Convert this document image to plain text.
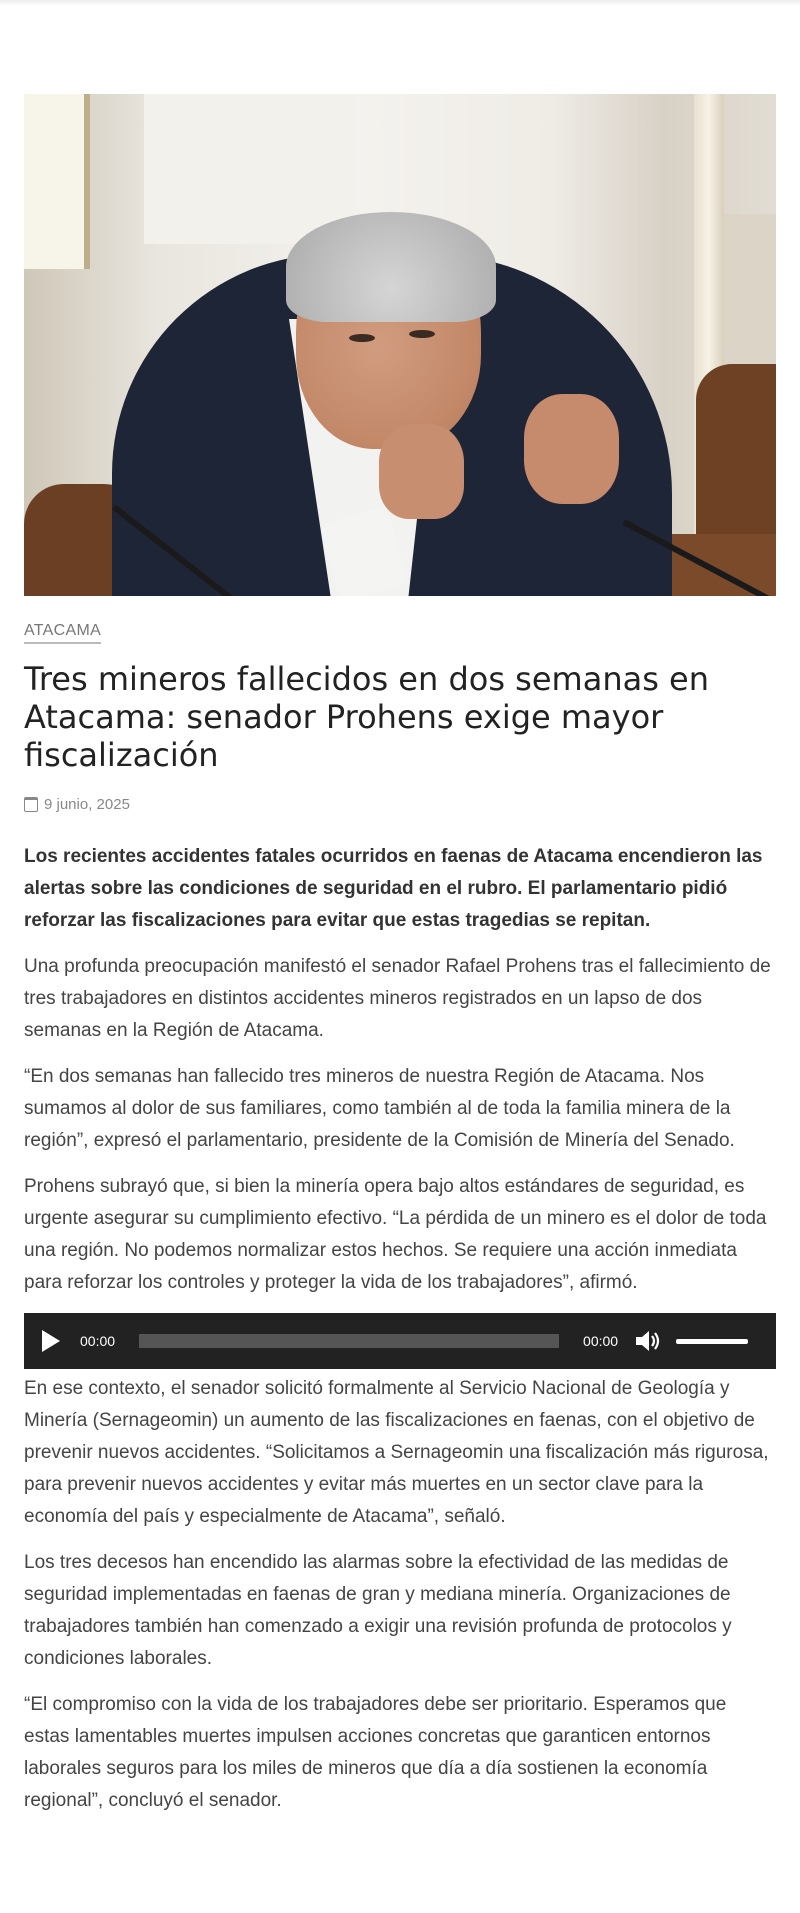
ATACAMA
Tres mineros fallecidos en dos semanas en Atacama: senador Prohens exige mayor fiscalización
9 junio, 2025

Los recientes accidentes fatales ocurridos en faenas de Atacama encendieron las alertas sobre las condiciones de seguridad en el rubro. El parlamentario pidió reforzar las fiscalizaciones para evitar que estas tragedias se repitan.

Una profunda preocupación manifestó el senador Rafael Prohens tras el fallecimiento de tres trabajadores en distintos accidentes mineros registrados en un lapso de dos semanas en la Región de Atacama.

“En dos semanas han fallecido tres mineros de nuestra Región de Atacama. Nos sumamos al dolor de sus familiares, como también al de toda la familia minera de la región”, expresó el parlamentario, presidente de la Comisión de Minería del Senado.

Prohens subrayó que, si bien la minería opera bajo altos estándares de seguridad, es urgente asegurar su cumplimiento efectivo. “La pérdida de un minero es el dolor de toda una región. No podemos normalizar estos hechos. Se requiere una acción inmediata para reforzar los controles y proteger la vida de los trabajadores”, afirmó.

00:00	00:00

En ese contexto, el senador solicitó formalmente al Servicio Nacional de Geología y Minería (Sernageomin) un aumento de las fiscalizaciones en faenas, con el objetivo de prevenir nuevos accidentes. “Solicitamos a Sernageomin una fiscalización más rigurosa, para prevenir nuevos accidentes y evitar más muertes en un sector clave para la economía del país y especialmente de Atacama”, señaló.

Los tres decesos han encendido las alarmas sobre la efectividad de las medidas de seguridad implementadas en faenas de gran y mediana minería. Organizaciones de trabajadores también han comenzado a exigir una revisión profunda de protocolos y condiciones laborales.

“El compromiso con la vida de los trabajadores debe ser prioritario. Esperamos que estas lamentables muertes impulsen acciones concretas que garanticen entornos laborales seguros para los miles de mineros que día a día sostienen la economía regional”, concluyó el senador.
